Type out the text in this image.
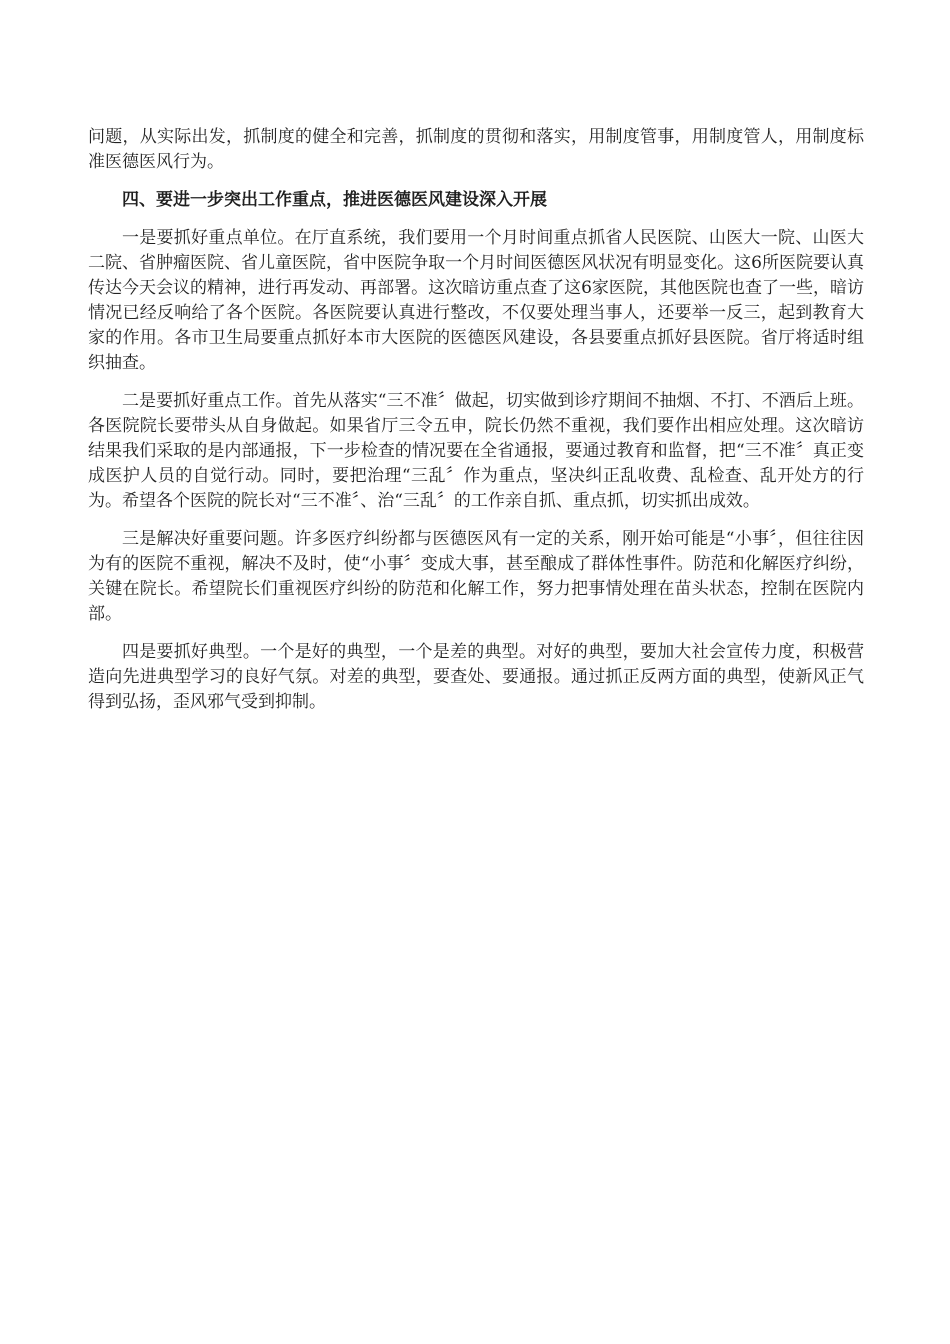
问题，从实际出发，抓制度的健全和完善，抓制度的贯彻和落实，用制度管事，用制度管人，用制度标准医德医风行为。

四、要进一步突出工作重点，推进医德医风建设深入开展

一是要抓好重点单位。在厅直系统，我们要用一个月时间重点抓省人民医院、山医大一院、山医大二院、省肿瘤医院、省儿童医院，省中医院争取一个月时间医德医风状况有明显变化。这6所医院要认真传达今天会议的精神，进行再发动、再部署。这次暗访重点查了这6家医院，其他医院也查了一些，暗访情况已经反响给了各个医院。各医院要认真进行整改，不仅要处理当事人，还要举一反三，起到教育大家的作用。各市卫生局要重点抓好本市大医院的医德医风建设，各县要重点抓好县医院。省厅将适时组织抽查。

二是要抓好重点工作。首先从落实“三不准〞做起，切实做到诊疗期间不抽烟、不打、不酒后上班。各医院院长要带头从自身做起。如果省厅三令五申，院长仍然不重视，我们要作出相应处理。这次暗访结果我们采取的是内部通报，下一步检查的情况要在全省通报，要通过教育和监督，把“三不准〞真正变成医护人员的自觉行动。同时，要把治理“三乱〞作为重点，坚决纠正乱收费、乱检查、乱开处方的行为。希望各个医院的院长对“三不准〞、治“三乱〞的工作亲自抓、重点抓，切实抓出成效。

三是解决好重要问题。许多医疗纠纷都与医德医风有一定的关系，刚开始可能是“小事〞，但往往因为有的医院不重视，解决不及时，使“小事〞变成大事，甚至酿成了群体性事件。防范和化解医疗纠纷，关键在院长。希望院长们重视医疗纠纷的防范和化解工作，努力把事情处理在苗头状态，控制在医院内部。

四是要抓好典型。一个是好的典型，一个是差的典型。对好的典型，要加大社会宣传力度，积极营造向先进典型学习的良好气氛。对差的典型，要查处、要通报。通过抓正反两方面的典型，使新风正气得到弘扬，歪风邪气受到抑制。
